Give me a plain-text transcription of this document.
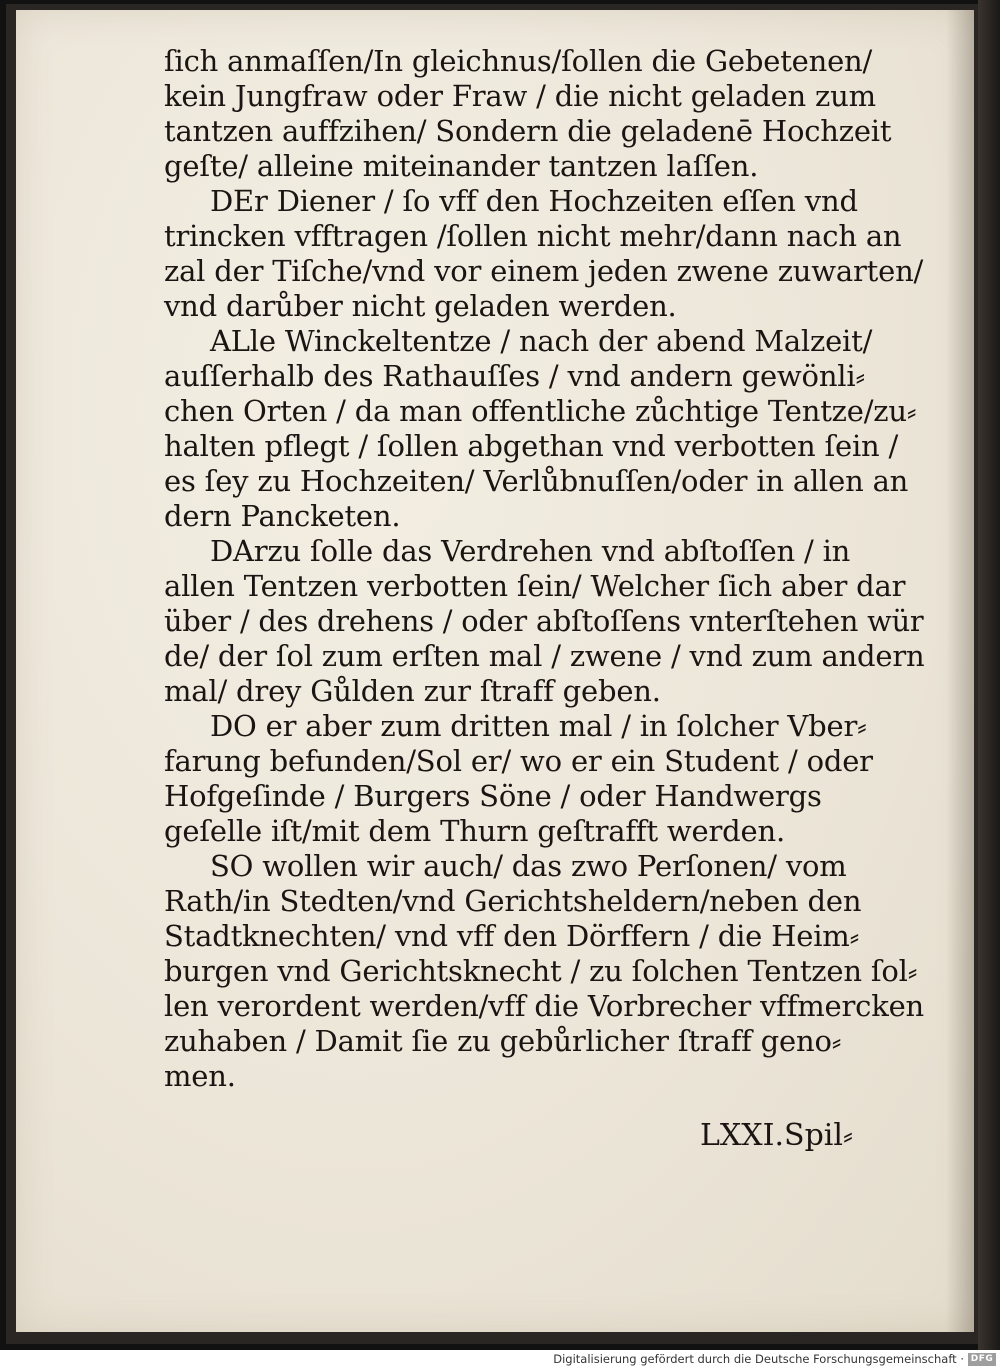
ſich anmaſſen/In gleichnus/ſollen die Gebetenen/
kein Jungfraw oder Fraw / die nicht geladen zum
tantzen auffzihen/ Sondern die geladenē Hochzeit
geſte/ alleine miteinander tantzen laſſen.
DEr Diener / ſo vff den Hochzeiten eſſen vnd
trincken vfftragen /ſollen nicht mehr/dann nach an
zal der Tiſche/vnd vor einem jeden zwene zuwarten/
vnd darůber nicht geladen werden.
ALle Winckeltentze / nach der abend Malzeit/
auſſerhalb des Rathauſſes / vnd andern gewönli⸗
chen Orten / da man offentliche zůchtige Tentze/zu⸗
halten pflegt / ſollen abgethan vnd verbotten ſein /
es ſey zu Hochzeiten/ Verlůbnuſſen/oder in allen an
dern Pancketen.
DArzu ſolle das Verdrehen vnd abſtoſſen / in
allen Tentzen verbotten ſein/ Welcher ſich aber dar
über / des drehens / oder abſtoſſens vnterſtehen wür
de/ der ſol zum erſten mal / zwene / vnd zum andern
mal/ drey Gůlden zur ſtraff geben.
DO er aber zum dritten mal / in ſolcher Vber⸗
farung befunden/Sol er/ wo er ein Student / oder
Hofgeſinde / Burgers Söne / oder Handwergs
geſelle iſt/mit dem Thurn geſtrafft werden.
SO wollen wir auch/ das zwo Perſonen/ vom
Rath/in Stedten/vnd Gerichtsheldern/neben den
Stadtknechten/ vnd vff den Dörffern / die Heim⸗
burgen vnd Gerichtsknecht / zu ſolchen Tentzen ſol⸗
len verordent werden/vff die Vorbrecher vffmercken
zuhaben / Damit ſie zu gebůrlicher ſtraff geno⸗
men.
LXXI.Spil⸗
Digitalisierung gefördert durch die Deutsche Forschungsgemeinschaft · DFG
